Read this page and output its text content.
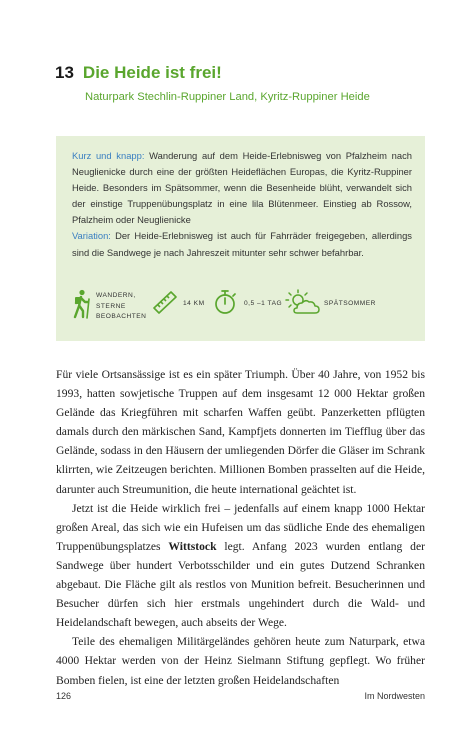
13 Die Heide ist frei!
Naturpark Stechlin-Ruppiner Land, Kyritz-Ruppiner Heide

Kurz und knapp: Wanderung auf dem Heide-Erlebnisweg von Pfalzheim nach Neuglienicke durch eine der größten Heideflächen Europas, die Kyritz-Ruppiner Heide. Besonders im Spätsommer, wenn die Besenheide blüht, verwandelt sich der einstige Truppenübungsplatz in eine lila Blütenmeer. Einstieg ab Rossow, Pfalzheim oder Neuglienicke

Variation: Der Heide-Erlebnisweg ist auch für Fahrräder freigegeben, allerdings sind die Sandwege je nach Jahreszeit mitunter sehr schwer befahrbar.

WANDERN,
STERNE
BEOBACHTEN
14 KM	0,5 –1 TAG	SPÄTSOMMER

Für viele Ortsansässige ist es ein später Triumph. Über 40 Jahre, von 1952 bis 1993, hatten sowjetische Truppen auf dem insgesamt 12 000 Hektar großen Gelände das Kriegführen mit scharfen Waffen geübt. Panzerketten pflügten damals durch den märkischen Sand, Kampfjets donnerten im Tiefflug über das Gelände, sodass in den Häusern der umliegenden Dörfer die Gläser im Schrank klirrten, wie Zeitzeugen berichten. Millionen Bomben prasselten auf die Heide, darunter auch Streumunition, die heute international geächtet ist.

Jetzt ist die Heide wirklich frei – jedenfalls auf einem knapp 1000 Hektar großen Areal, das sich wie ein Hufeisen um das südliche Ende des ehemaligen Truppenübungsplatzes Wittstock legt. Anfang 2023 wurden entlang der Sandwege über hundert Verbotsschilder und ein gutes Dutzend Schranken abgebaut. Die Fläche gilt als restlos von Munition befreit. Besucherinnen und Besucher dürfen sich hier erstmals ungehindert durch die Wald- und Heidelandschaft bewegen, auch abseits der Wege.

Teile des ehemaligen Militärgeländes gehören heute zum Naturpark, etwa 4000 Hektar werden von der Heinz Sielmann Stiftung gepflegt. Wo früher Bomben fielen, ist eine der letzten großen Heidelandschaften

126	Im Nordwesten
